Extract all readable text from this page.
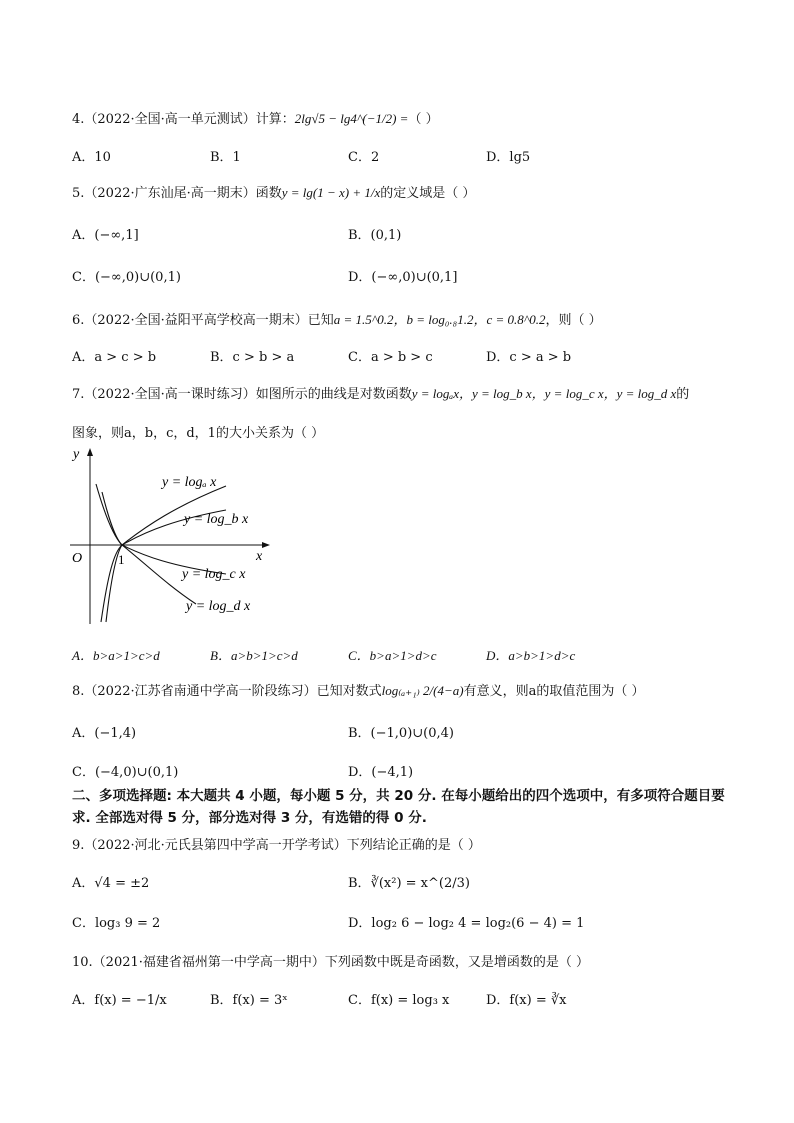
4.（2022·全国·高一单元测试）计算：2lg√5 − lg4^(−1/2) =（ ）
A．10	B．1	C．2	D．lg5
5.（2022·广东汕尾·高一期末）函数y = lg(1 − x) + 1/x的定义域是（ ）
A．(−∞,1]	B．(0,1)
C．(−∞,0)∪(0,1)	D．(−∞,0)∪(0,1]
6.（2022·全国·益阳平高学校高一期末）已知a = 1.5^0.2，b = log₀.₈1.2，c = 0.8^0.2，则（ ）
A．a > c > b	B．c > b > a	C．a > b > c	D．c > a > b
7.（2022·全国·高一课时练习）如图所示的曲线是对数函数y = logₐx，y = log_b x，y = log_c x，y = log_d x的
图象，则a，b，c，d，1的大小关系为（ ）
y
x
O	1
y = logₐ x
y = log_b x
y = log_c x
y = log_d x
A．b>a>1>c>d	B．a>b>1>c>d	C．b>a>1>d>c	D．a>b>1>d>c
8.（2022·江苏省南通中学高一阶段练习）已知对数式log₍ₐ₊₁₎ 2/(4−a)有意义，则a的取值范围为（ ）
A．(−1,4)	B．(−1,0)∪(0,4)
C．(−4,0)∪(0,1)	D．(−4,1)
二、多项选择题: 本大题共 4 小题，每小题 5 分，共 20 分. 在每小题给出的四个选项中，有多项符合题目要求. 全部选对得 5 分，部分选对得 3 分，有选错的得 0 分.
9.（2022·河北·元氏县第四中学高一开学考试）下列结论正确的是（ ）
A．√4 = ±2	B．∛(x²) = x^(2/3)
C．log₃ 9 = 2	D．log₂ 6 − log₂ 4 = log₂(6 − 4) = 1
10.（2021·福建省福州第一中学高一期中）下列函数中既是奇函数，又是增函数的是（ ）
A．f(x) = −1/x	B．f(x) = 3ˣ	C．f(x) = log₃ x	D．f(x) = ∛x
